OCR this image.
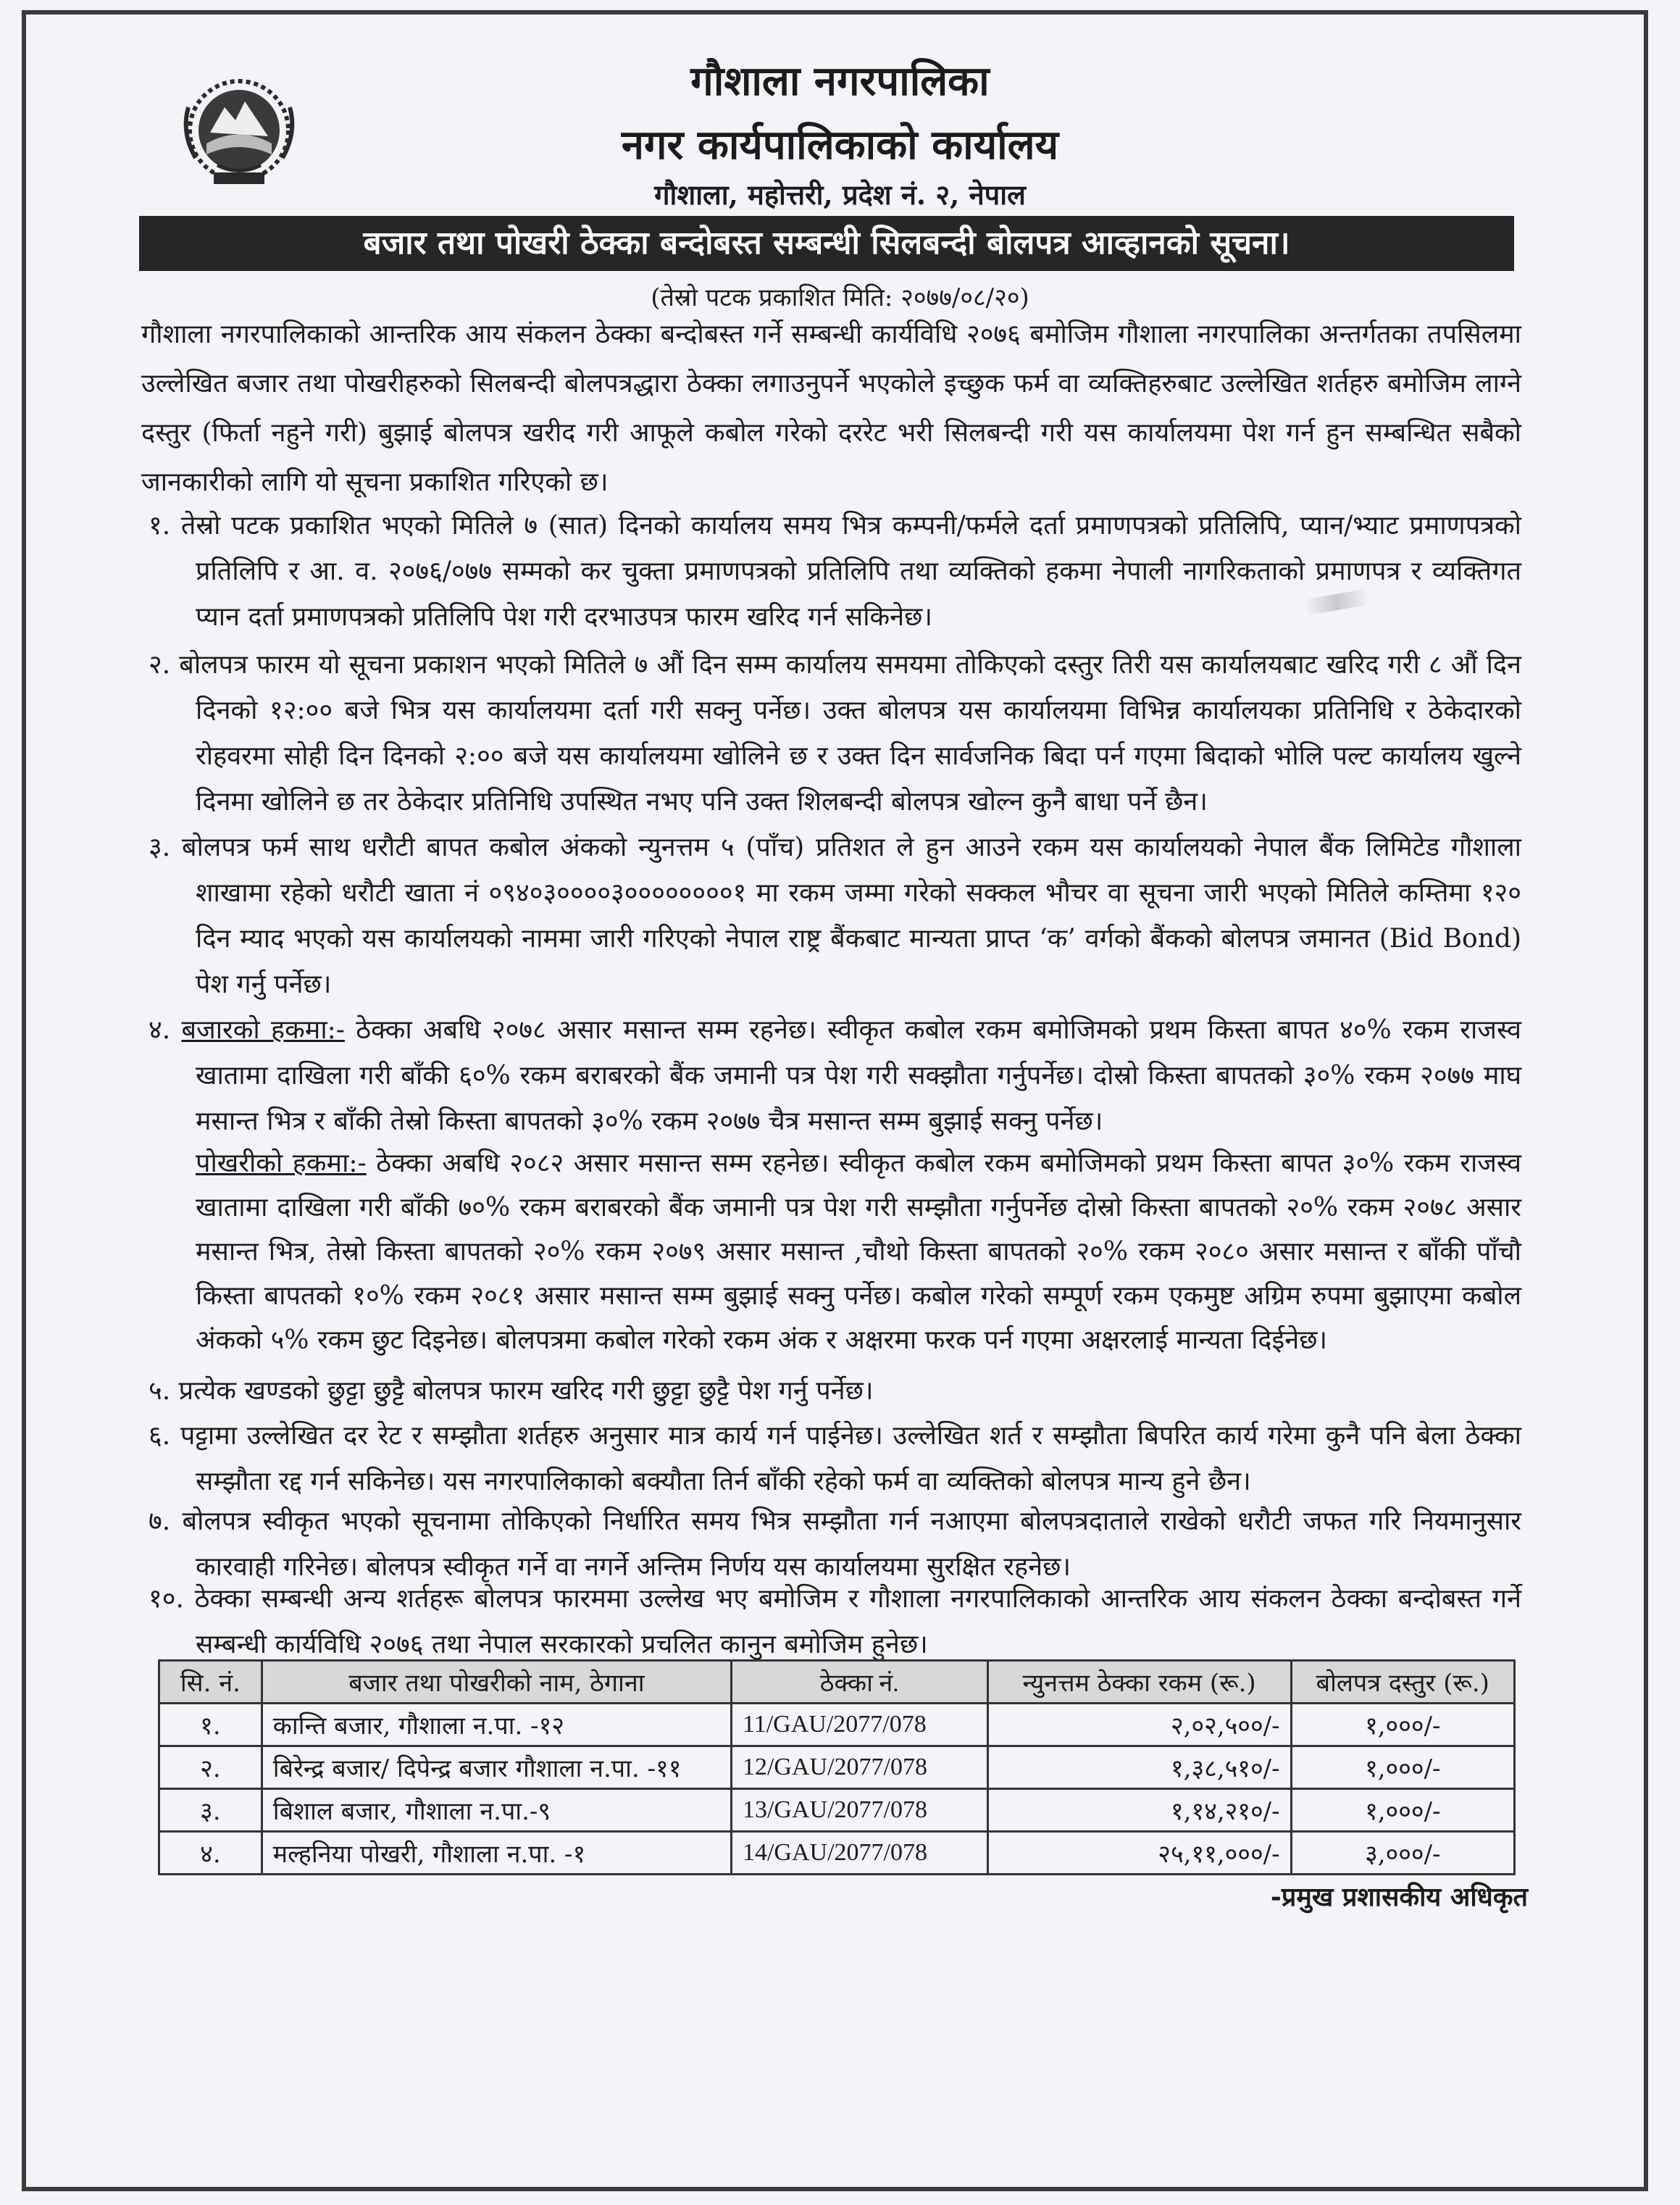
गौशाला नगरपालिका
नगर कार्यपालिकाको कार्यालय
गौशाला, महोत्तरी, प्रदेश नं. २, नेपाल
बजार तथा पोखरी ठेक्का बन्दोबस्त सम्बन्धी सिलबन्दी बोलपत्र आव्हानको सूचना।
(तेस्रो पटक प्रकाशित मिति: २०७७/०८/२०)

गौशाला नगरपालिकाको आन्तरिक आय संकलन ठेक्का बन्दोबस्त गर्ने सम्बन्धी कार्यविधि २०७६ बमोजिम गौशाला नगरपालिका अन्तर्गतका तपसिलमा उल्लेखित बजार तथा पोखरीहरुको सिलबन्दी बोलपत्रद्धारा ठेक्का लगाउनुपर्ने भएकोले इच्छुक फर्म वा व्यक्तिहरुबाट उल्लेखित शर्तहरु बमोजिम लाग्ने दस्तुर (फिर्ता नहुने गरी) बुझाई बोलपत्र खरीद गरी आफूले कबोल गरेको दररेट भरी सिलबन्दी गरी यस कार्यालयमा पेश गर्न हुन सम्बन्धित सबैको जानकारीको लागि यो सूचना प्रकाशित गरिएको छ।

१. तेस्रो पटक प्रकाशित भएको मितिले ७ (सात) दिनको कार्यालय समय भित्र कम्पनी/फर्मले दर्ता प्रमाणपत्रको प्रतिलिपि, प्यान/भ्याट प्रमाणपत्रको प्रतिलिपि र आ. व. २०७६/०७७ सम्मको कर चुक्ता प्रमाणपत्रको प्रतिलिपि तथा व्यक्तिको हकमा नेपाली नागरिकताको प्रमाणपत्र र व्यक्तिगत प्यान दर्ता प्रमाणपत्रको प्रतिलिपि पेश गरी दरभाउपत्र फारम खरिद गर्न सकिनेछ।

२. बोलपत्र फारम यो सूचना प्रकाशन भएको मितिले ७ औं दिन सम्म कार्यालय समयमा तोकिएको दस्तुर तिरी यस कार्यालयबाट खरिद गरी ८ औं दिन दिनको १२:०० बजे भित्र यस कार्यालयमा दर्ता गरी सक्नु पर्नेछ। उक्त बोलपत्र यस कार्यालयमा विभिन्न कार्यालयका प्रतिनिधि र ठेकेदारको रोहवरमा सोही दिन दिनको २:०० बजे यस कार्यालयमा खोलिने छ र उक्त दिन सार्वजनिक बिदा पर्न गएमा बिदाको भोलि पल्ट कार्यालय खुल्ने दिनमा खोलिने छ तर ठेकेदार प्रतिनिधि उपस्थित नभए पनि उक्त शिलबन्दी बोलपत्र खोल्न कुनै बाधा पर्ने छैन।

३. बोलपत्र फर्म साथ धरौटी बापत कबोल अंकको न्युनत्तम ५ (पाँच) प्रतिशत ले हुन आउने रकम यस कार्यालयको नेपाल बैंक लिमिटेड गौशाला शाखामा रहेको धरौटी खाता नं ०९४०३००००३००००००००१ मा रकम जम्मा गरेको सक्कल भौचर वा सूचना जारी भएको मितिले कम्तिमा १२० दिन म्याद भएको यस कार्यालयको नाममा जारी गरिएको नेपाल राष्ट्र बैंकबाट मान्यता प्राप्त ‘क’ वर्गको बैंकको बोलपत्र जमानत (Bid Bond) पेश गर्नु पर्नेछ।

४. बजारको हकमा:- ठेक्का अबधि २०७८ असार मसान्त सम्म रहनेछ। स्वीकृत कबोल रकम बमोजिमको प्रथम किस्ता बापत ४०% रकम राजस्व खातामा दाखिला गरी बाँकी ६०% रकम बराबरको बैंक जमानी पत्र पेश गरी सक्झौता गर्नुपर्नेछ। दोस्रो किस्ता बापतको ३०% रकम २०७७ माघ मसान्त भित्र र बाँकी तेस्रो किस्ता बापतको ३०% रकम २०७७ चैत्र मसान्त सम्म बुझाई सक्नु पर्नेछ।

पोखरीको हकमा:- ठेक्का अबधि २०८२ असार मसान्त सम्म रहनेछ। स्वीकृत कबोल रकम बमोजिमको प्रथम किस्ता बापत ३०% रकम राजस्व खातामा दाखिला गरी बाँकी ७०% रकम बराबरको बैंक जमानी पत्र पेश गरी सम्झौता गर्नुपर्नेछ दोस्रो किस्ता बापतको २०% रकम २०७८ असार मसान्त भित्र, तेस्रो किस्ता बापतको २०% रकम २०७९ असार मसान्त ,चौथो किस्ता बापतको २०% रकम २०८० असार मसान्त र बाँकी पाँचौ किस्ता बापतको १०% रकम २०८१ असार मसान्त सम्म बुझाई सक्नु पर्नेछ। कबोल गरेको सम्पूर्ण रकम एकमुष्ट अग्रिम रुपमा बुझाएमा कबोल अंकको ५% रकम छुट दिइनेछ। बोलपत्रमा कबोल गरेको रकम अंक र अक्षरमा फरक पर्न गएमा अक्षरलाई मान्यता दिईनेछ।

५. प्रत्येक खण्डको छुट्टा छुट्टै बोलपत्र फारम खरिद गरी छुट्टा छुट्टै पेश गर्नु पर्नेछ।

६. पट्टामा उल्लेखित दर रेट र सम्झौता शर्तहरु अनुसार मात्र कार्य गर्न पाईनेछ। उल्लेखित शर्त र सम्झौता बिपरित कार्य गरेमा कुनै पनि बेला ठेक्का सम्झौता रद्द गर्न सकिनेछ। यस नगरपालिकाको बक्यौता तिर्न बाँकी रहेको फर्म वा व्यक्तिको बोलपत्र मान्य हुने छैन।

७. बोलपत्र स्वीकृत भएको सूचनामा तोकिएको निर्धारित समय भित्र सम्झौता गर्न नआएमा बोलपत्रदाताले राखेको धरौटी जफत गरि नियमानुसार कारवाही गरिनेछ। बोलपत्र स्वीकृत गर्ने वा नगर्ने अन्तिम निर्णय यस कार्यालयमा सुरक्षित रहनेछ।

१०. ठेक्का सम्बन्धी अन्य शर्तहरू बोलपत्र फारममा उल्लेख भए बमोजिम र गौशाला नगरपालिकाको आन्तरिक आय संकलन ठेक्का बन्दोबस्त गर्ने सम्बन्धी कार्यविधि २०७६ तथा नेपाल सरकारको प्रचलित कानुन बमोजिम हुनेछ।

सि. नं.	बजार तथा पोखरीको नाम, ठेगाना	ठेक्का नं.	न्युनत्तम ठेक्का रकम (रू.)	बोलपत्र दस्तुर (रू.)
१.	कान्ति बजार, गौशाला न.पा. -१२	11/GAU/2077/078	२,०२,५००/-	१,०००/-
२.	बिरेन्द्र बजार/ दिपेन्द्र बजार गौशाला न.पा. -११	12/GAU/2077/078	१,३८,५१०/-	१,०००/-
३.	बिशाल बजार, गौशाला न.पा.-९	13/GAU/2077/078	१,१४,२१०/-	१,०००/-
४.	मल्हनिया पोखरी, गौशाला न.पा. -१	14/GAU/2077/078	२५,११,०००/-	३,०००/-
-प्रमुख प्रशासकीय अधिकृत
